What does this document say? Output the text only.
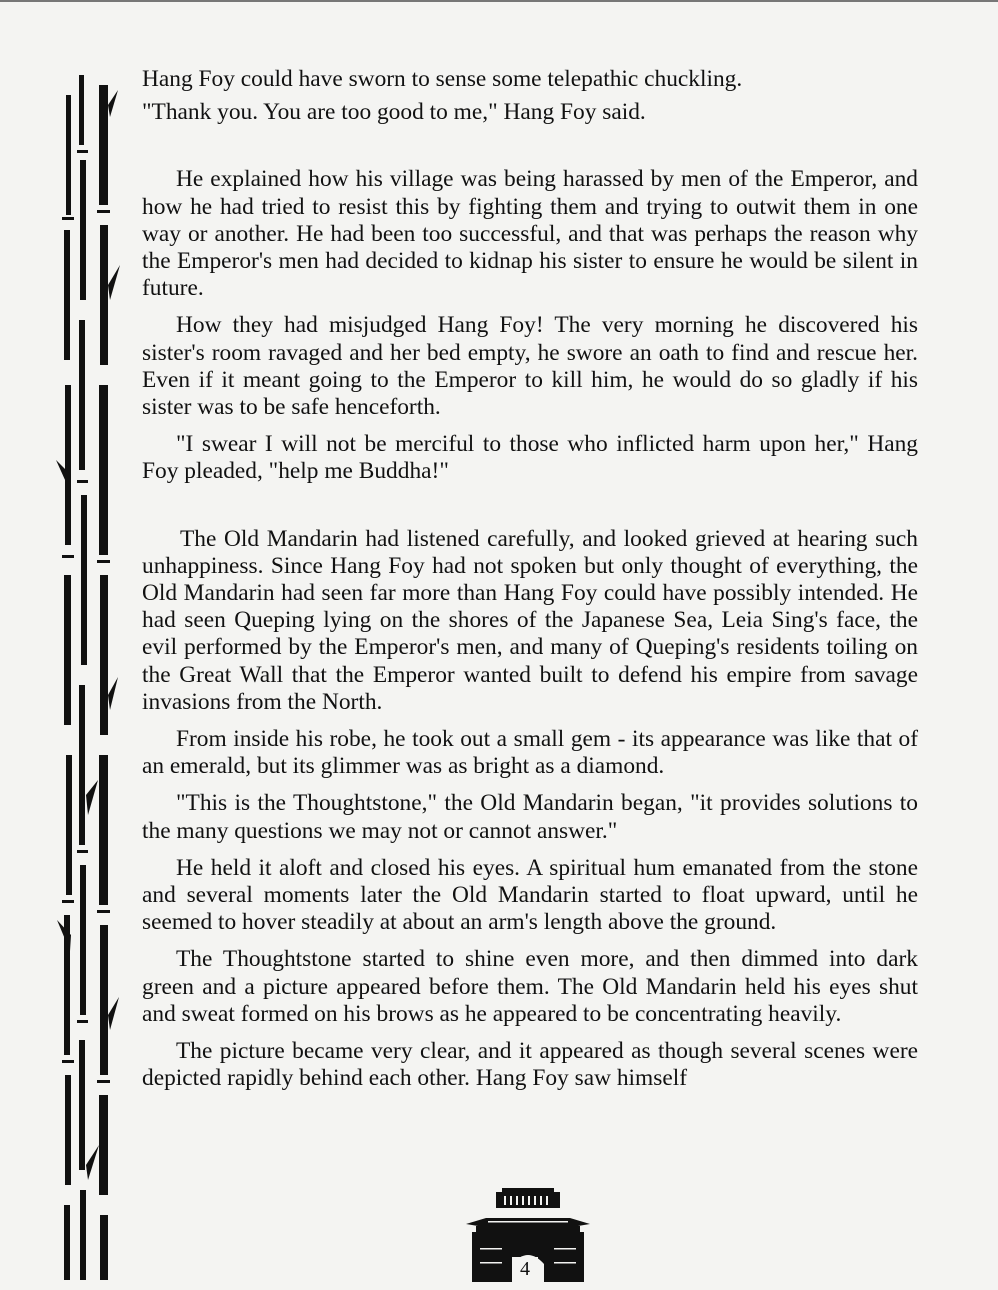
Hang Foy could have sworn to sense some telepathic chuckling.

"Thank you. You are too good to me," Hang Foy said.

He explained how his village was being harassed by men of the Emperor, and how he had tried to resist this by fighting them and trying to outwit them in one way or another. He had been too successful, and that was perhaps the reason why the Emperor's men had decided to kidnap his sister to ensure he would be silent in future.

How they had misjudged Hang Foy! The very morning he discovered his sister's room ravaged and her bed empty, he swore an oath to find and rescue her. Even if it meant going to the Emperor to kill him, he would do so gladly if his sister was to be safe henceforth.

"I swear I will not be merciful to those who inflicted harm upon her," Hang Foy pleaded, "help me Buddha!"

The Old Mandarin had listened carefully, and looked grieved at hearing such unhappiness. Since Hang Foy had not spoken but only thought of everything, the Old Mandarin had seen far more than Hang Foy could have possibly intended. He had seen Queping lying on the shores of the Japanese Sea, Leia Sing's face, the evil performed by the Emperor's men, and many of Queping's residents toiling on the Great Wall that the Emperor wanted built to defend his empire from savage invasions from the North.

From inside his robe, he took out a small gem - its appearance was like that of an emerald, but its glimmer was as bright as a diamond.

"This is the Thoughtstone," the Old Mandarin began, "it provides solutions to the many questions we may not or cannot answer."

He held it aloft and closed his eyes. A spiritual hum emanated from the stone and several moments later the Old Mandarin started to float upward, until he seemed to hover steadily at about an arm's length above the ground.

The Thoughtstone started to shine even more, and then dimmed into dark green and a picture appeared before them. The Old Mandarin held his eyes shut and sweat formed on his brows as he appeared to be concentrating heavily.

The picture became very clear, and it appeared as though several scenes were depicted rapidly behind each other. Hang Foy saw himself

4
